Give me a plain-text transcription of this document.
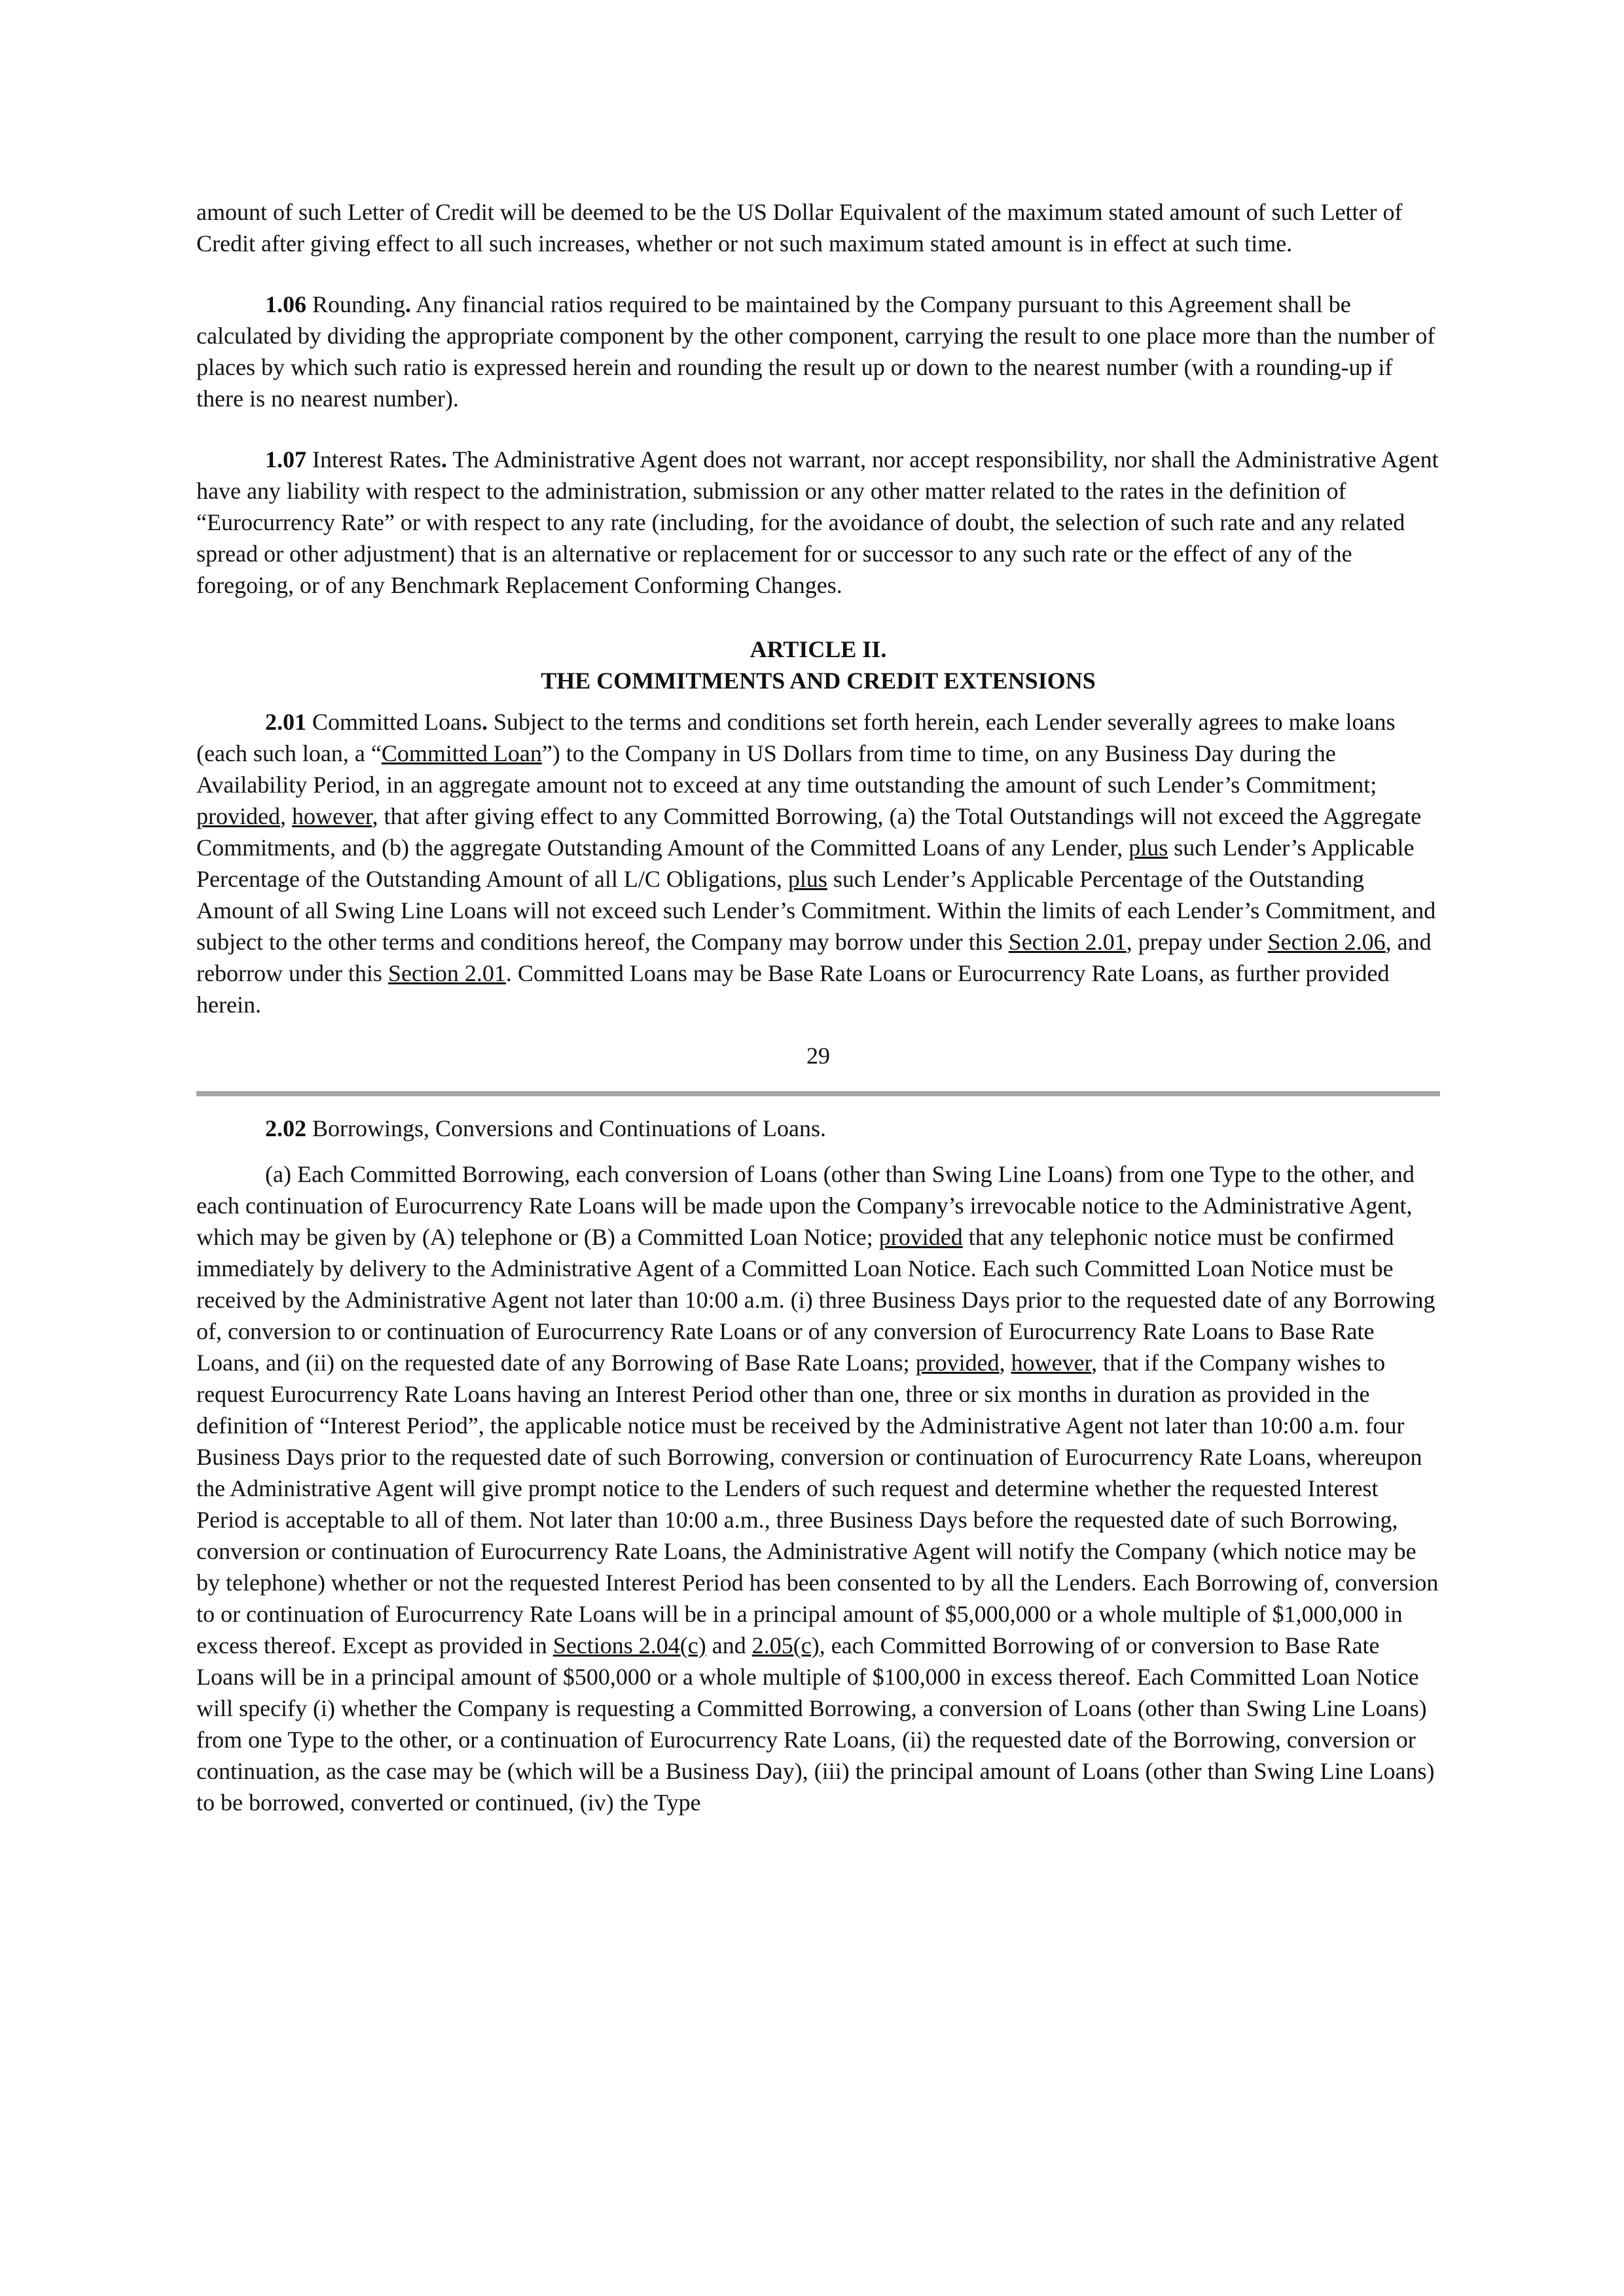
amount of such Letter of Credit will be deemed to be the US Dollar Equivalent of the maximum stated amount of such Letter of Credit after giving effect to all such increases, whether or not such maximum stated amount is in effect at such time.

1.06 Rounding. Any financial ratios required to be maintained by the Company pursuant to this Agreement shall be calculated by dividing the appropriate component by the other component, carrying the result to one place more than the number of places by which such ratio is expressed herein and rounding the result up or down to the nearest number (with a rounding-up if there is no nearest number).

1.07 Interest Rates. The Administrative Agent does not warrant, nor accept responsibility, nor shall the Administrative Agent have any liability with respect to the administration, submission or any other matter related to the rates in the definition of “Eurocurrency Rate” or with respect to any rate (including, for the avoidance of doubt, the selection of such rate and any related spread or other adjustment) that is an alternative or replacement for or successor to any such rate or the effect of any of the foregoing, or of any Benchmark Replacement Conforming Changes.

ARTICLE II.

THE COMMITMENTS AND CREDIT EXTENSIONS

2.01 Committed Loans. Subject to the terms and conditions set forth herein, each Lender severally agrees to make loans (each such loan, a “Committed Loan”) to the Company in US Dollars from time to time, on any Business Day during the Availability Period, in an aggregate amount not to exceed at any time outstanding the amount of such Lender’s Commitment; provided, however, that after giving effect to any Committed Borrowing, (a) the Total Outstandings will not exceed the Aggregate Commitments, and (b) the aggregate Outstanding Amount of the Committed Loans of any Lender, plus such Lender’s Applicable Percentage of the Outstanding Amount of all L/C Obligations, plus such Lender’s Applicable Percentage of the Outstanding Amount of all Swing Line Loans will not exceed such Lender’s Commitment. Within the limits of each Lender’s Commitment, and subject to the other terms and conditions hereof, the Company may borrow under this Section 2.01, prepay under Section 2.06, and reborrow under this Section 2.01. Committed Loans may be Base Rate Loans or Eurocurrency Rate Loans, as further provided herein.

29

2.02 Borrowings, Conversions and Continuations of Loans.

(a) Each Committed Borrowing, each conversion of Loans (other than Swing Line Loans) from one Type to the other, and each continuation of Eurocurrency Rate Loans will be made upon the Company’s irrevocable notice to the Administrative Agent, which may be given by (A) telephone or (B) a Committed Loan Notice; provided that any telephonic notice must be confirmed immediately by delivery to the Administrative Agent of a Committed Loan Notice. Each such Committed Loan Notice must be received by the Administrative Agent not later than 10:00 a.m. (i) three Business Days prior to the requested date of any Borrowing of, conversion to or continuation of Eurocurrency Rate Loans or of any conversion of Eurocurrency Rate Loans to Base Rate Loans, and (ii) on the requested date of any Borrowing of Base Rate Loans; provided, however, that if the Company wishes to request Eurocurrency Rate Loans having an Interest Period other than one, three or six months in duration as provided in the definition of “Interest Period”, the applicable notice must be received by the Administrative Agent not later than 10:00 a.m. four Business Days prior to the requested date of such Borrowing, conversion or continuation of Eurocurrency Rate Loans, whereupon the Administrative Agent will give prompt notice to the Lenders of such request and determine whether the requested Interest Period is acceptable to all of them. Not later than 10:00 a.m., three Business Days before the requested date of such Borrowing, conversion or continuation of Eurocurrency Rate Loans, the Administrative Agent will notify the Company (which notice may be by telephone) whether or not the requested Interest Period has been consented to by all the Lenders. Each Borrowing of, conversion to or continuation of Eurocurrency Rate Loans will be in a principal amount of $5,000,000 or a whole multiple of $1,000,000 in excess thereof. Except as provided in Sections 2.04(c) and 2.05(c), each Committed Borrowing of or conversion to Base Rate Loans will be in a principal amount of $500,000 or a whole multiple of $100,000 in excess thereof. Each Committed Loan Notice will specify (i) whether the Company is requesting a Committed Borrowing, a conversion of Loans (other than Swing Line Loans) from one Type to the other, or a continuation of Eurocurrency Rate Loans, (ii) the requested date of the Borrowing, conversion or continuation, as the case may be (which will be a Business Day), (iii) the principal amount of Loans (other than Swing Line Loans) to be borrowed, converted or continued, (iv) the Type
